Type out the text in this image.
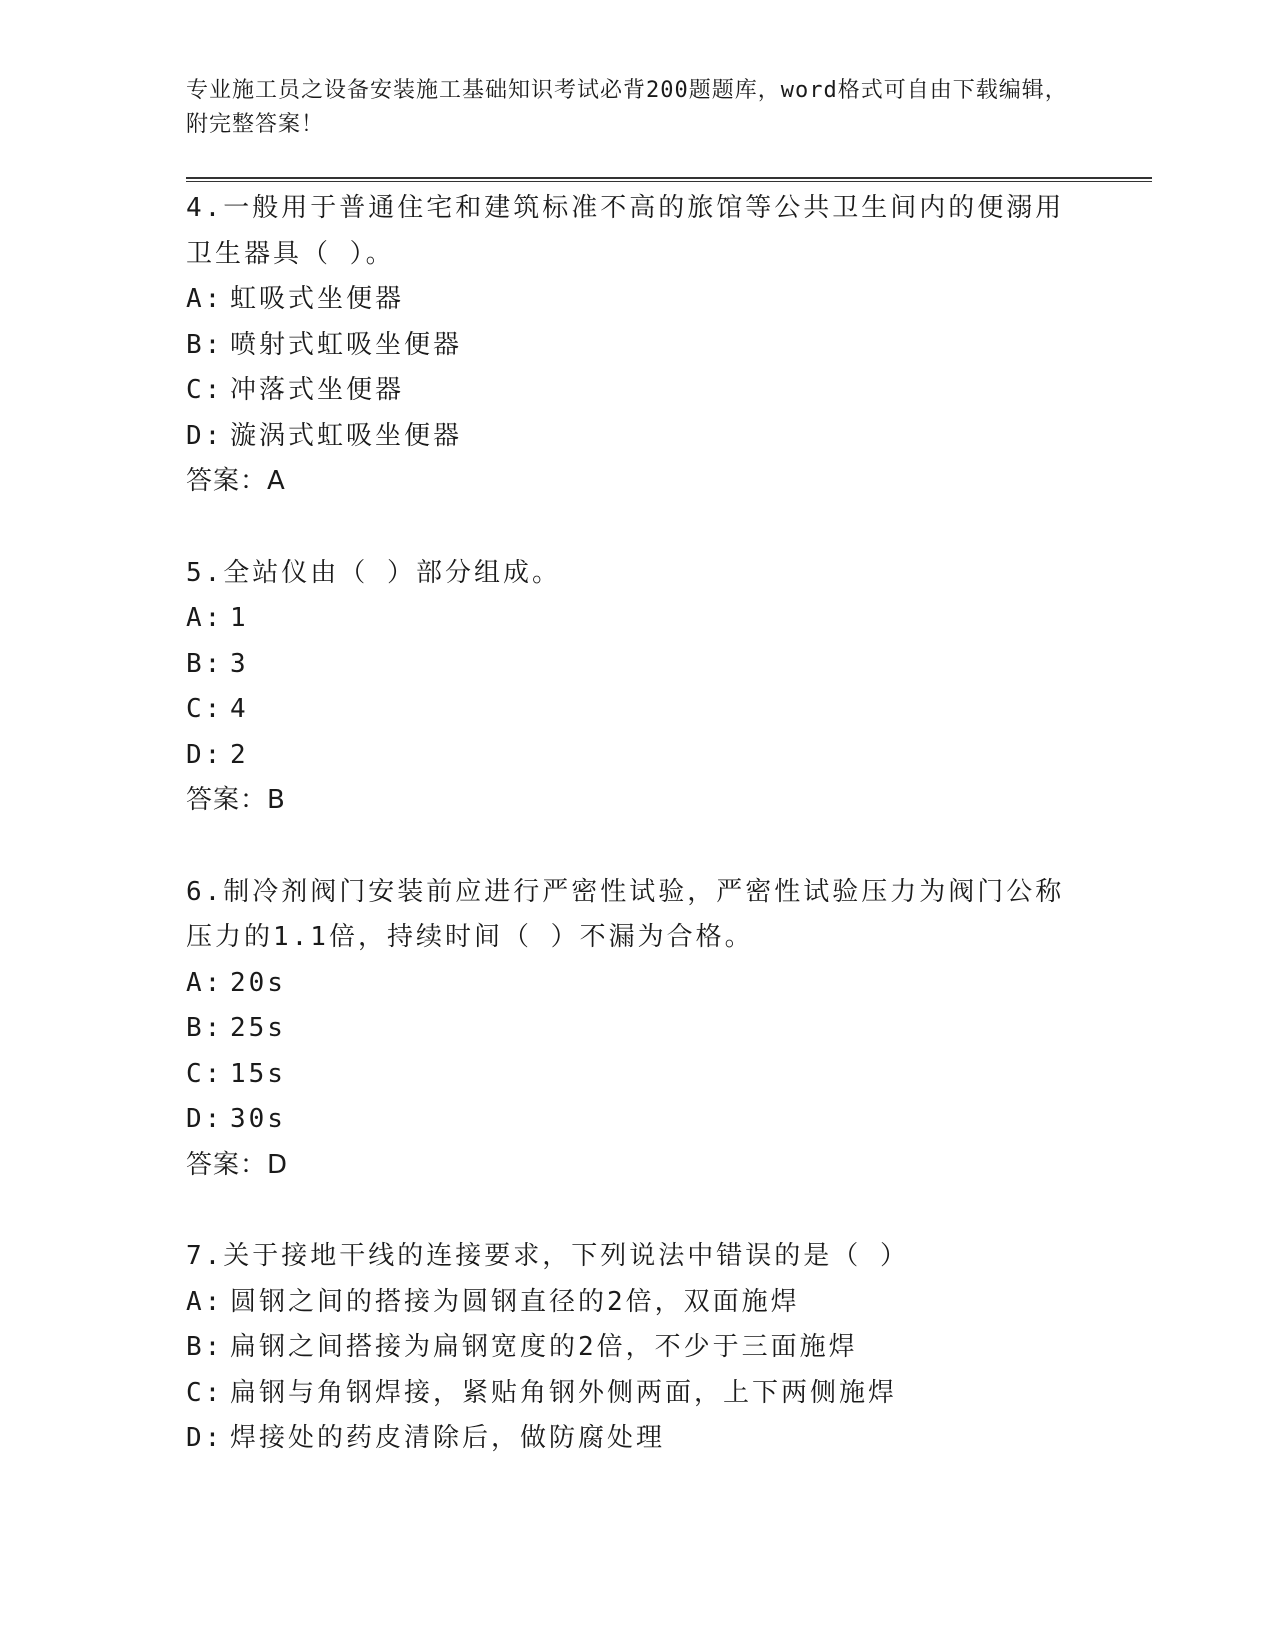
专业施工员之设备安装施工基础知识考试必背200题题库，word格式可自由下载编辑，附完整答案！

4.一般用于普通住宅和建筑标准不高的旅馆等公共卫生间内的便溺用卫生器具（ ）。

A: 虹吸式坐便器
B: 喷射式虹吸坐便器
C: 冲落式坐便器
D: 漩涡式虹吸坐便器

答案：A

5.全站仪由（ ）部分组成。

A: 1
B: 3
C: 4
D: 2

答案：B

6.制冷剂阀门安装前应进行严密性试验，严密性试验压力为阀门公称压力的1.1倍，持续时间（ ）不漏为合格。

A: 20s
B: 25s
C: 15s
D: 30s

答案：D

7.关于接地干线的连接要求，下列说法中错误的是（ ）

A: 圆钢之间的搭接为圆钢直径的2倍，双面施焊
B: 扁钢之间搭接为扁钢宽度的2倍，不少于三面施焊
C: 扁钢与角钢焊接，紧贴角钢外侧两面，上下两侧施焊
D: 焊接处的药皮清除后，做防腐处理
